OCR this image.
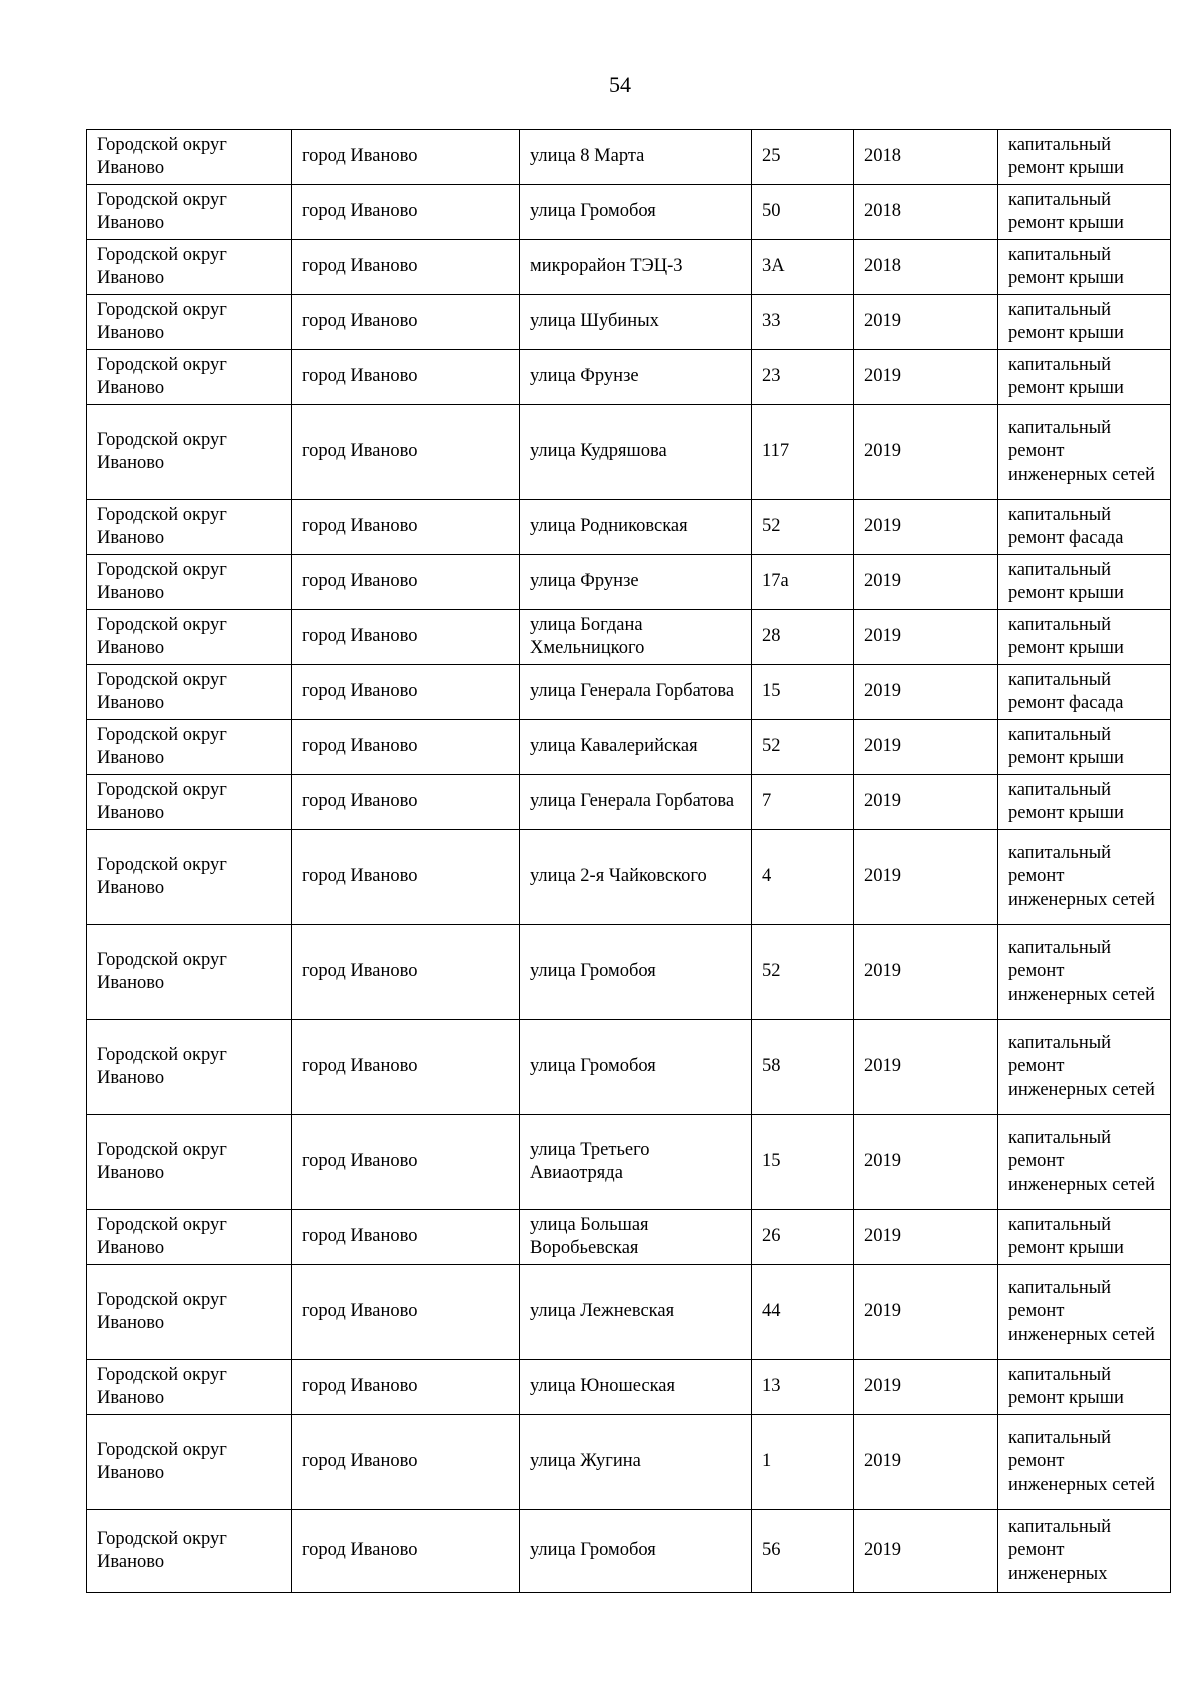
54
Городской округ Иваново	город Иваново	улица 8 Марта	25	2018	капитальный ремонт крыши
Городской округ Иваново	город Иваново	улица Громобоя	50	2018	капитальный ремонт крыши
Городской округ Иваново	город Иваново	микрорайон ТЭЦ-3	3А	2018	капитальный ремонт крыши
Городской округ Иваново	город Иваново	улица Шубиных	33	2019	капитальный ремонт крыши
Городской округ Иваново	город Иваново	улица Фрунзе	23	2019	капитальный ремонт крыши
Городской округ Иваново	город Иваново	улица Кудряшова	117	2019	капитальный ремонт инженерных сетей
Городской округ Иваново	город Иваново	улица Родниковская	52	2019	капитальный ремонт фасада
Городской округ Иваново	город Иваново	улица Фрунзе	17а	2019	капитальный ремонт крыши
Городской округ Иваново	город Иваново	улица Богдана Хмельницкого	28	2019	капитальный ремонт крыши
Городской округ Иваново	город Иваново	улица Генерала Горбатова	15	2019	капитальный ремонт фасада
Городской округ Иваново	город Иваново	улица Кавалерийская	52	2019	капитальный ремонт крыши
Городской округ Иваново	город Иваново	улица Генерала Горбатова	7	2019	капитальный ремонт крыши
Городской округ Иваново	город Иваново	улица 2-я Чайковского	4	2019	капитальный ремонт инженерных сетей
Городской округ Иваново	город Иваново	улица Громобоя	52	2019	капитальный ремонт инженерных сетей
Городской округ Иваново	город Иваново	улица Громобоя	58	2019	капитальный ремонт инженерных сетей
Городской округ Иваново	город Иваново	улица Третьего Авиаотряда	15	2019	капитальный ремонт инженерных сетей
Городской округ Иваново	город Иваново	улица Большая Воробьевская	26	2019	капитальный ремонт крыши
Городской округ Иваново	город Иваново	улица Лежневская	44	2019	капитальный ремонт инженерных сетей
Городской округ Иваново	город Иваново	улица Юношеская	13	2019	капитальный ремонт крыши
Городской округ Иваново	город Иваново	улица Жугина	1	2019	капитальный ремонт инженерных сетей
Городской округ Иваново	город Иваново	улица Громобоя	56	2019	капитальный ремонт инженерных
